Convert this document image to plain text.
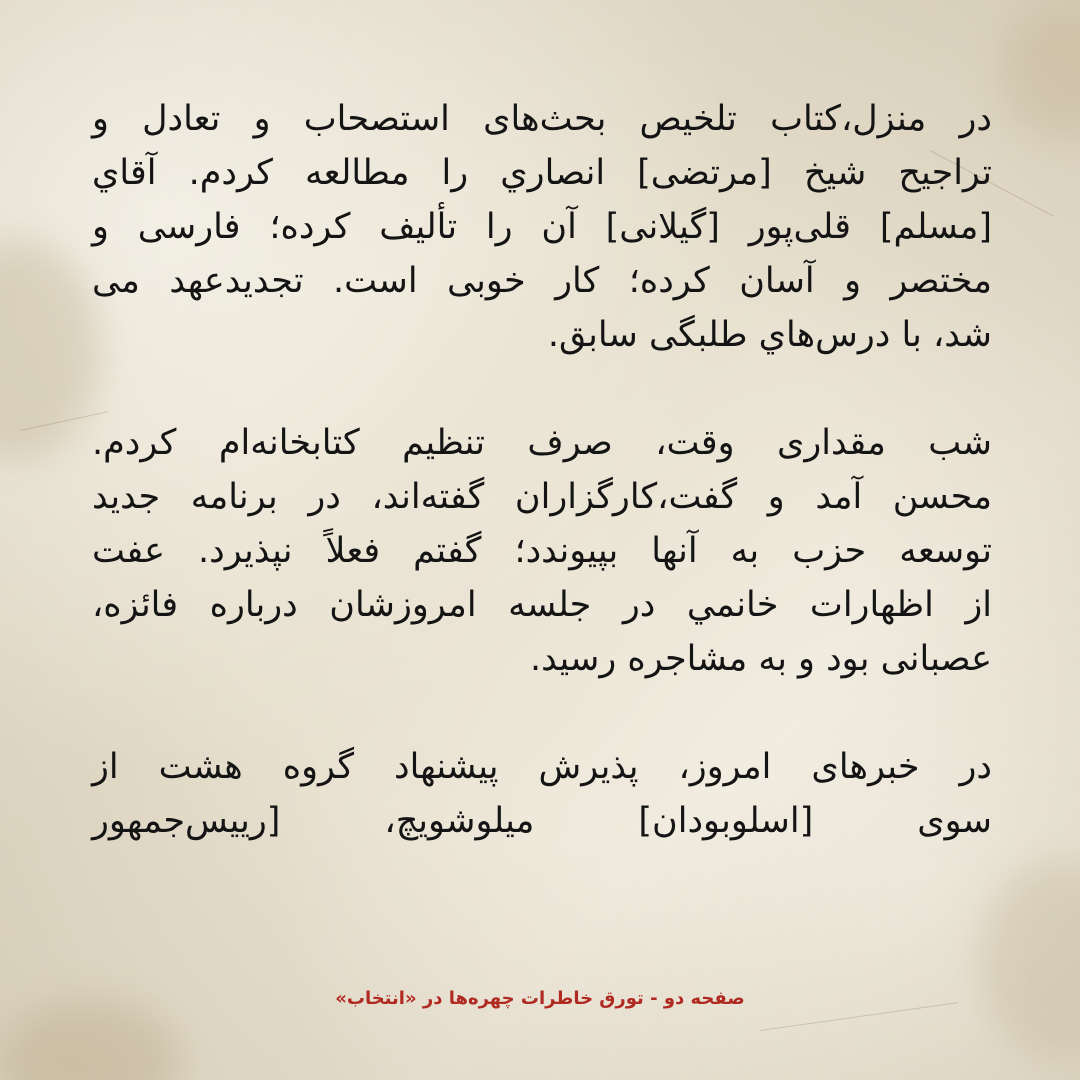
در منزل،کتاب تلخیص بحث‌های استصحاب و تعادل و
تراجیح شیخ [مرتضی] انصاري را مطالعه کردم. آقاي
[مسلم] قلی‌پور [گیلانی] آن را تألیف کرده؛ فارسی و
مختصر و آسان کرده؛ کار خوبی است. تجدیدعهد می
شد، با درس‌هاي طلبگی سابق.

شب مقداری وقت، صرف تنظیم کتابخانه‌ام کردم.
محسن آمد و گفت،کارگزاران گفته‌اند، در برنامه جدید
توسعه حزب به آنها بپیوندد؛ گفتم فعلاً نپذیرد. عفت
از اظهارات خانمي در جلسه امروزشان درباره فائزه،
عصبانی بود و به مشاجره رسید.

در خبرهای امروز، پذیرش پیشنهاد گروه هشت از
سوی [اسلوبودان] میلوشویچ، [رییس‌جمهور

صفحه دو - تورق خاطرات چهره‌ها در «انتخاب»
